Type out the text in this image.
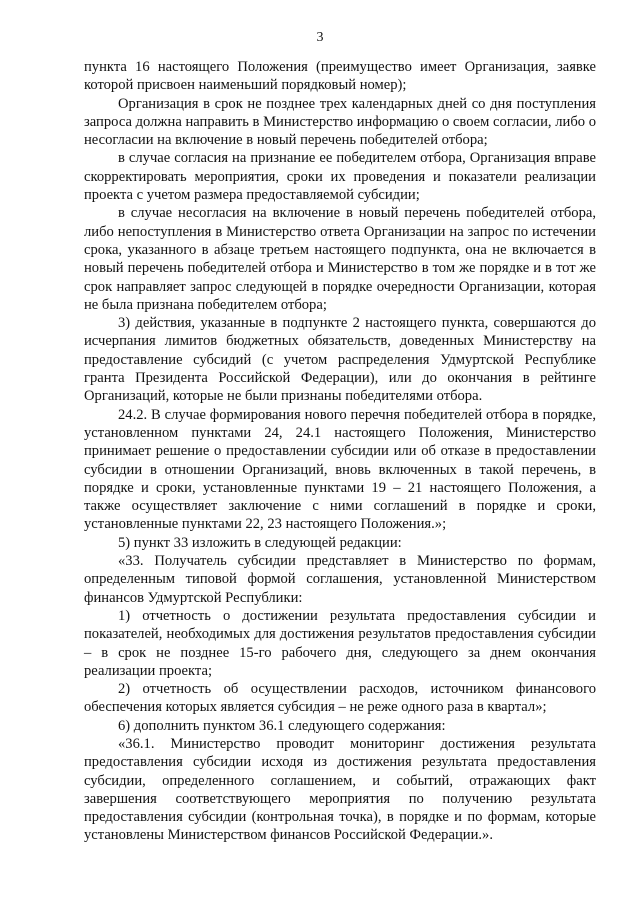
3

пункта 16 настоящего Положения (преимущество имеет Организация, заявке которой присвоен наименьший порядковый номер);

Организация в срок не позднее трех календарных дней со дня поступления запроса должна направить в Министерство информацию о своем согласии, либо о несогласии на включение в новый перечень победителей отбора;

в случае согласия на признание ее победителем отбора, Организация вправе скорректировать мероприятия, сроки их проведения и показатели реализации проекта с учетом размера предоставляемой субсидии;

в случае несогласия на включение в новый перечень победителей отбора, либо непоступления в Министерство ответа Организации на запрос по истечении срока, указанного в абзаце третьем настоящего подпункта, она не включается в новый перечень победителей отбора и Министерство в том же порядке и в тот же срок направляет запрос следующей в порядке очередности Организации, которая не была признана победителем отбора;

3) действия, указанные в подпункте 2 настоящего пункта, совершаются до исчерпания лимитов бюджетных обязательств, доведенных Министерству на предоставление субсидий (с учетом распределения Удмуртской Республике гранта Президента Российской Федерации), или до окончания в рейтинге Организаций, которые не были признаны победителями отбора.

24.2. В случае формирования нового перечня победителей отбора в порядке, установленном пунктами 24, 24.1 настоящего Положения, Министерство принимает решение о предоставлении субсидии или об отказе в предоставлении субсидии в отношении Организаций, вновь включенных в такой перечень, в порядке и сроки, установленные пунктами 19 – 21 настоящего Положения, а также осуществляет заключение с ними соглашений в порядке и сроки, установленные пунктами 22, 23 настоящего Положения.»;

5) пункт 33 изложить в следующей редакции:

«33. Получатель субсидии представляет в Министерство по формам, определенным типовой формой соглашения, установленной Министерством финансов Удмуртской Республики:

1) отчетность о достижении результата предоставления субсидии и показателей, необходимых для достижения результатов предоставления субсидии – в срок не позднее 15-го рабочего дня, следующего за днем окончания реализации проекта;

2) отчетность об осуществлении расходов, источником финансового обеспечения которых является субсидия – не реже одного раза в квартал»;

6) дополнить пунктом 36.1 следующего содержания:

«36.1. Министерство проводит мониторинг достижения результата предоставления субсидии исходя из достижения результата предоставления субсидии, определенного соглашением, и событий, отражающих факт завершения соответствующего мероприятия по получению результата предоставления субсидии (контрольная точка), в порядке и по формам, которые установлены Министерством финансов Российской Федерации.».
